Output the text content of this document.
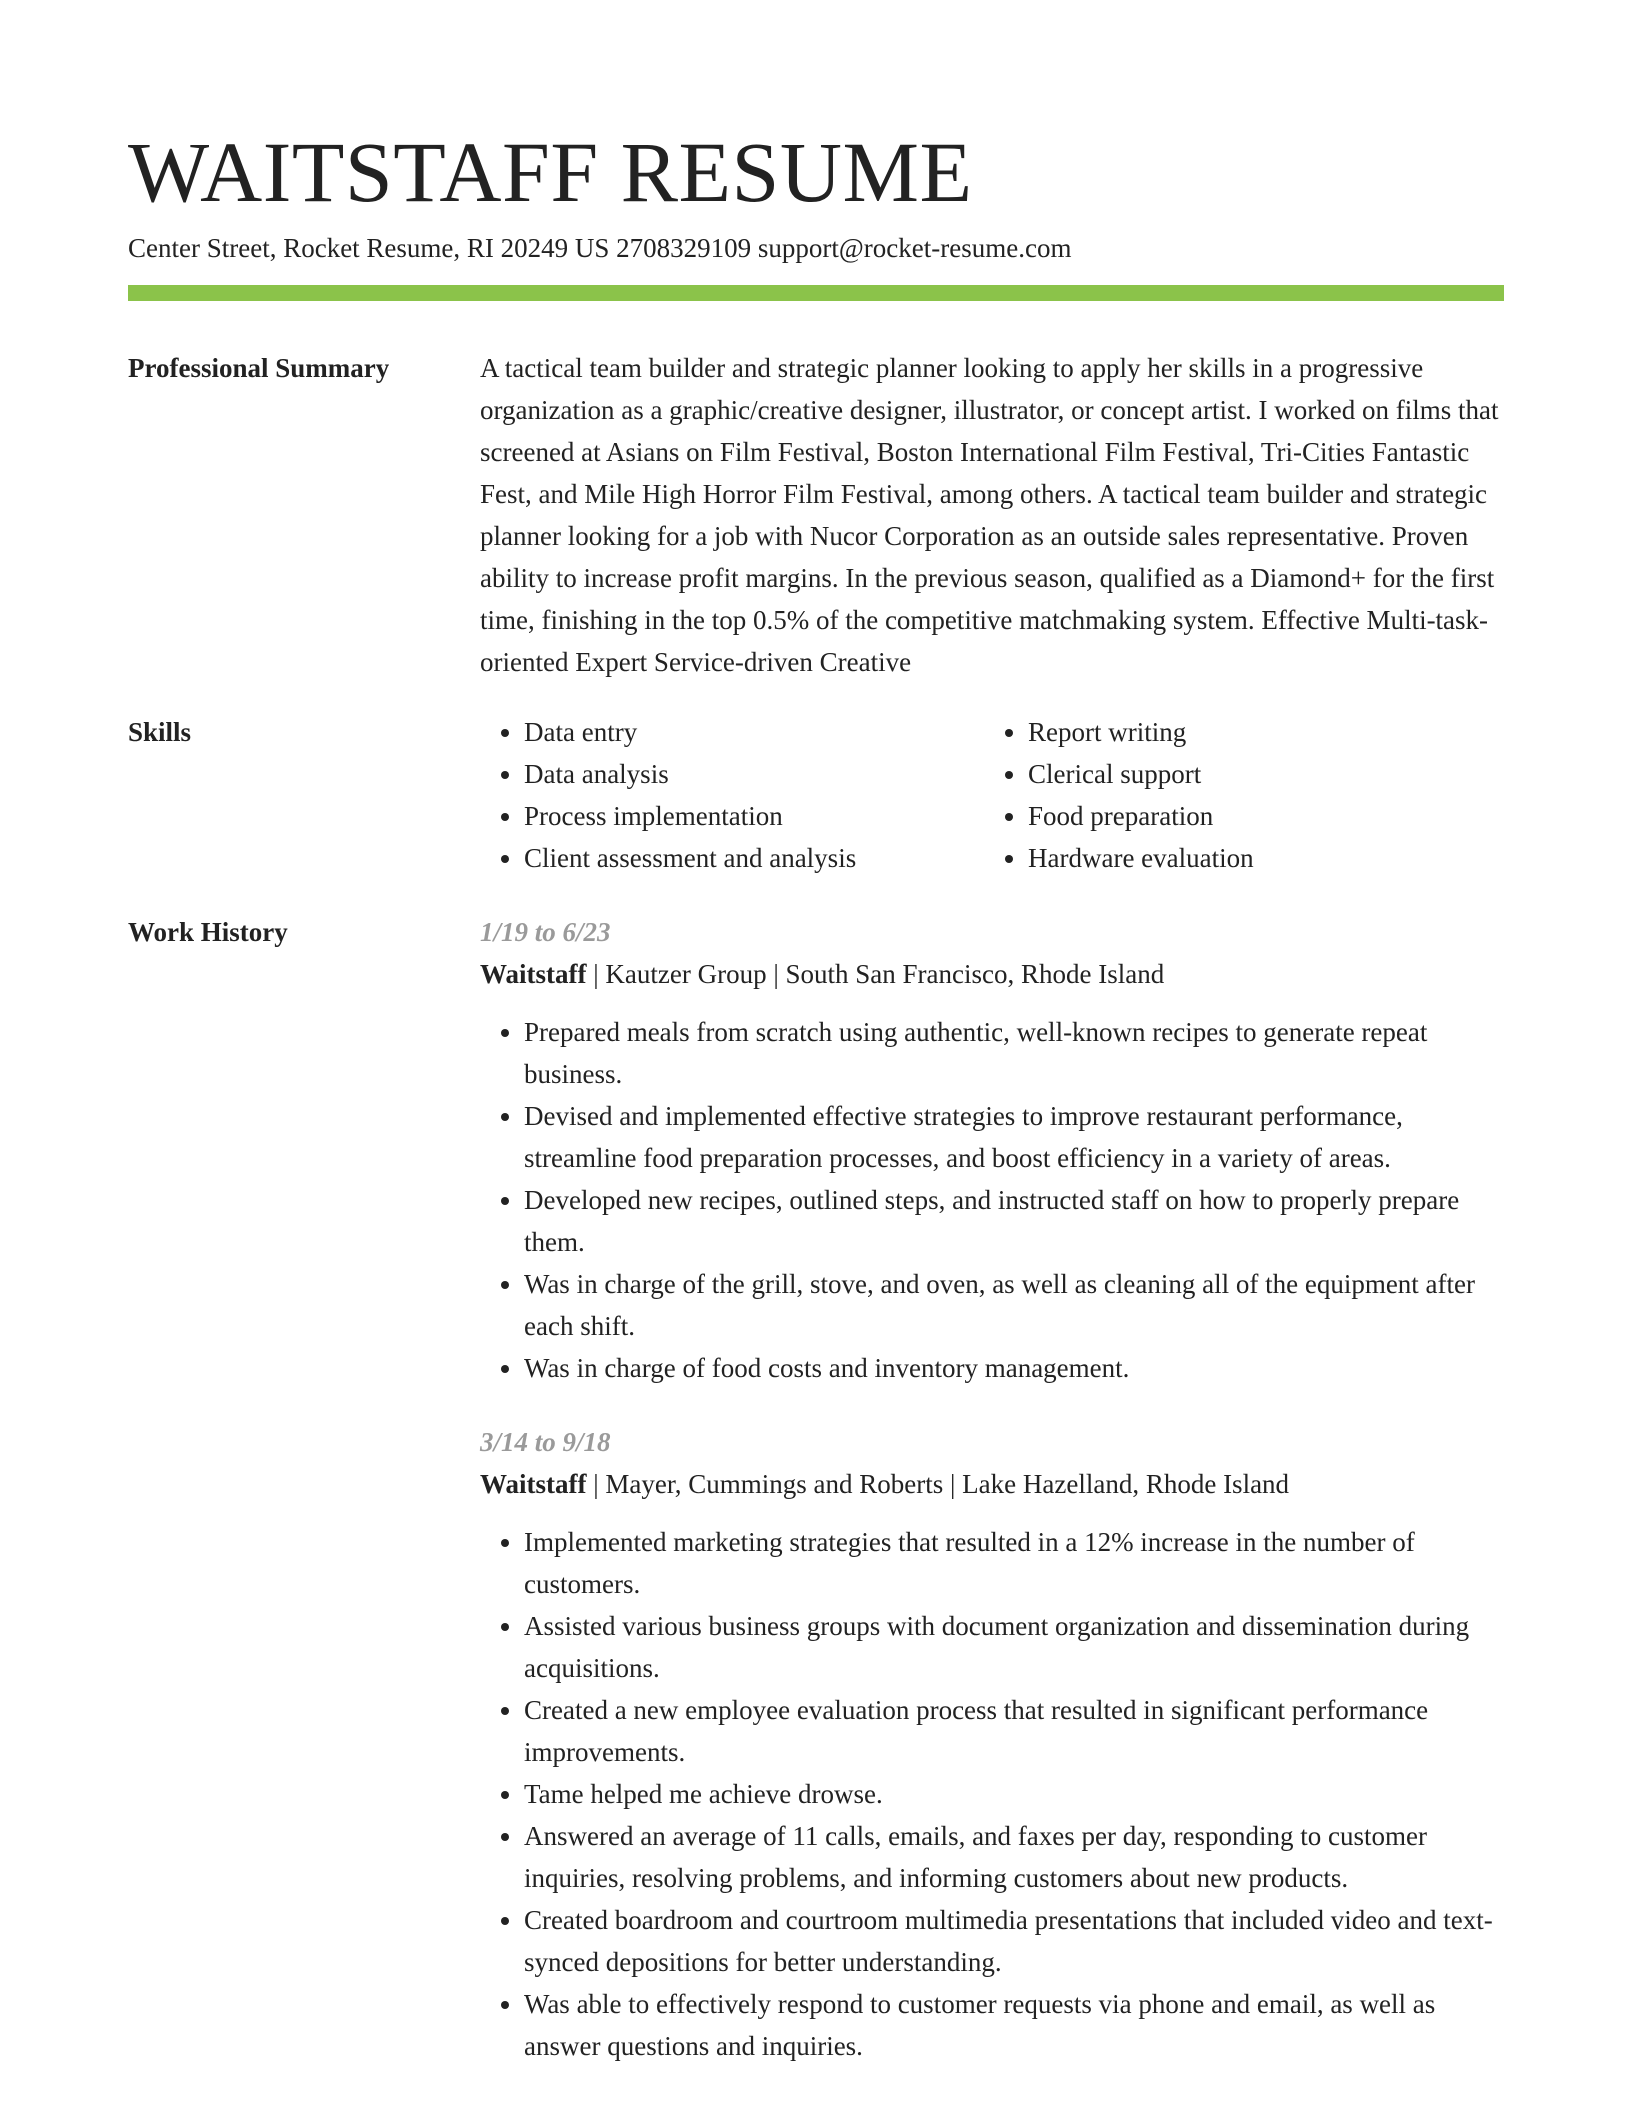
WAITSTAFF RESUME
Center Street, Rocket Resume, RI 20249 US 2708329109 support@rocket-resume.com
Professional Summary	A tactical team builder and strategic planner looking to apply her skills in a progressive organization as a graphic/creative designer, illustrator, or concept artist. I worked on films that screened at Asians on Film Festival, Boston International Film Festival, Tri-Cities Fantastic Fest, and Mile High Horror Film Festival, among others. A tactical team builder and strategic planner looking for a job with Nucor Corporation as an outside sales representative. Proven ability to increase profit margins. In the previous season, qualified as a Diamond+ for the first time, finishing in the top 0.5% of the competitive matchmaking system. Effective Multi-task-oriented Expert Service-driven Creative

Skills
•	Data entry
• Data analysis
• Process implementation
• Client assessment and analysis
• Report writing
• Clerical support
• Food preparation
• Hardware evaluation
Work History	1/19 to 6/23
Waitstaff | Kautzer Group | South San Francisco, Rhode Island
• Prepared meals from scratch using authentic, well-known recipes to generate repeat business.
• Devised and implemented effective strategies to improve restaurant performance, streamline food preparation processes, and boost efficiency in a variety of areas.
• Developed new recipes, outlined steps, and instructed staff on how to properly prepare them.
• Was in charge of the grill, stove, and oven, as well as cleaning all of the equipment after each shift.
• Was in charge of food costs and inventory management.
3/14 to 9/18
Waitstaff | Mayer, Cummings and Roberts | Lake Hazelland, Rhode Island
• Implemented marketing strategies that resulted in a 12% increase in the number of customers.
• Assisted various business groups with document organization and dissemination during acquisitions.
• Created a new employee evaluation process that resulted in significant performance improvements.
• Tame helped me achieve drowse.
• Answered an average of 11 calls, emails, and faxes per day, responding to customer inquiries, resolving problems, and informing customers about new products.
• Created boardroom and courtroom multimedia presentations that included video and text-synced depositions for better understanding.
• Was able to effectively respond to customer requests via phone and email, as well as answer questions and inquiries.
